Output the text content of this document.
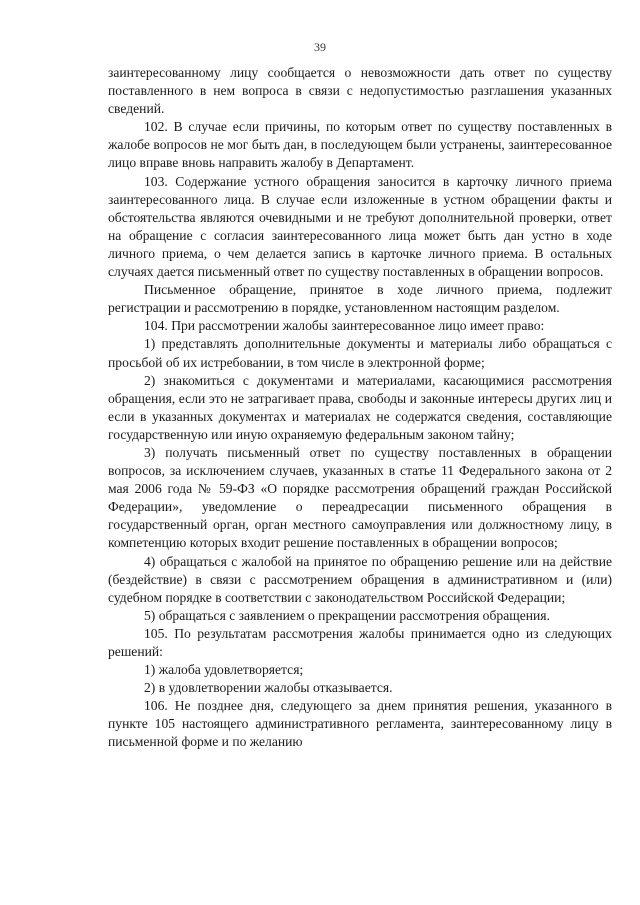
39

заинтересованному лицу сообщается о невозможности дать ответ по существу поставленного в нем вопроса в связи с недопустимостью разглашения указанных сведений.

102. В случае если причины, по которым ответ по существу поставленных в жалобе вопросов не мог быть дан, в последующем были устранены, заинтересованное лицо вправе вновь направить жалобу в Департамент.

103. Содержание устного обращения заносится в карточку личного приема заинтересованного лица. В случае если изложенные в устном обращении факты и обстоятельства являются очевидными и не требуют дополнительной проверки, ответ на обращение с согласия заинтересованного лица может быть дан устно в ходе личного приема, о чем делается запись в карточке личного приема. В остальных случаях дается письменный ответ по существу поставленных в обращении вопросов.

Письменное обращение, принятое в ходе личного приема, подлежит регистрации и рассмотрению в порядке, установленном настоящим разделом.

104. При рассмотрении жалобы заинтересованное лицо имеет право:

1) представлять дополнительные документы и материалы либо обращаться с просьбой об их истребовании, в том числе в электронной форме;

2) знакомиться с документами и материалами, касающимися рассмотрения обращения, если это не затрагивает права, свободы и законные интересы других лиц и если в указанных документах и материалах не содержатся сведения, составляющие государственную или иную охраняемую федеральным законом тайну;

3) получать письменный ответ по существу поставленных в обращении вопросов, за исключением случаев, указанных в статье 11 Федерального закона от 2 мая 2006 года № 59-ФЗ «О порядке рассмотрения обращений граждан Российской Федерации», уведомление о переадресации письменного обращения в государственный орган, орган местного самоуправления или должностному лицу, в компетенцию которых входит решение поставленных в обращении вопросов;

4) обращаться с жалобой на принятое по обращению решение или на действие (бездействие) в связи с рассмотрением обращения в административном и (или) судебном порядке в соответствии с законодательством Российской Федерации;

5) обращаться с заявлением о прекращении рассмотрения обращения.

105. По результатам рассмотрения жалобы принимается одно из следующих решений:

1) жалоба удовлетворяется;

2) в удовлетворении жалобы отказывается.

106. Не позднее дня, следующего за днем принятия решения, указанного в пункте 105 настоящего административного регламента, заинтересованному лицу в письменной форме и по желанию
